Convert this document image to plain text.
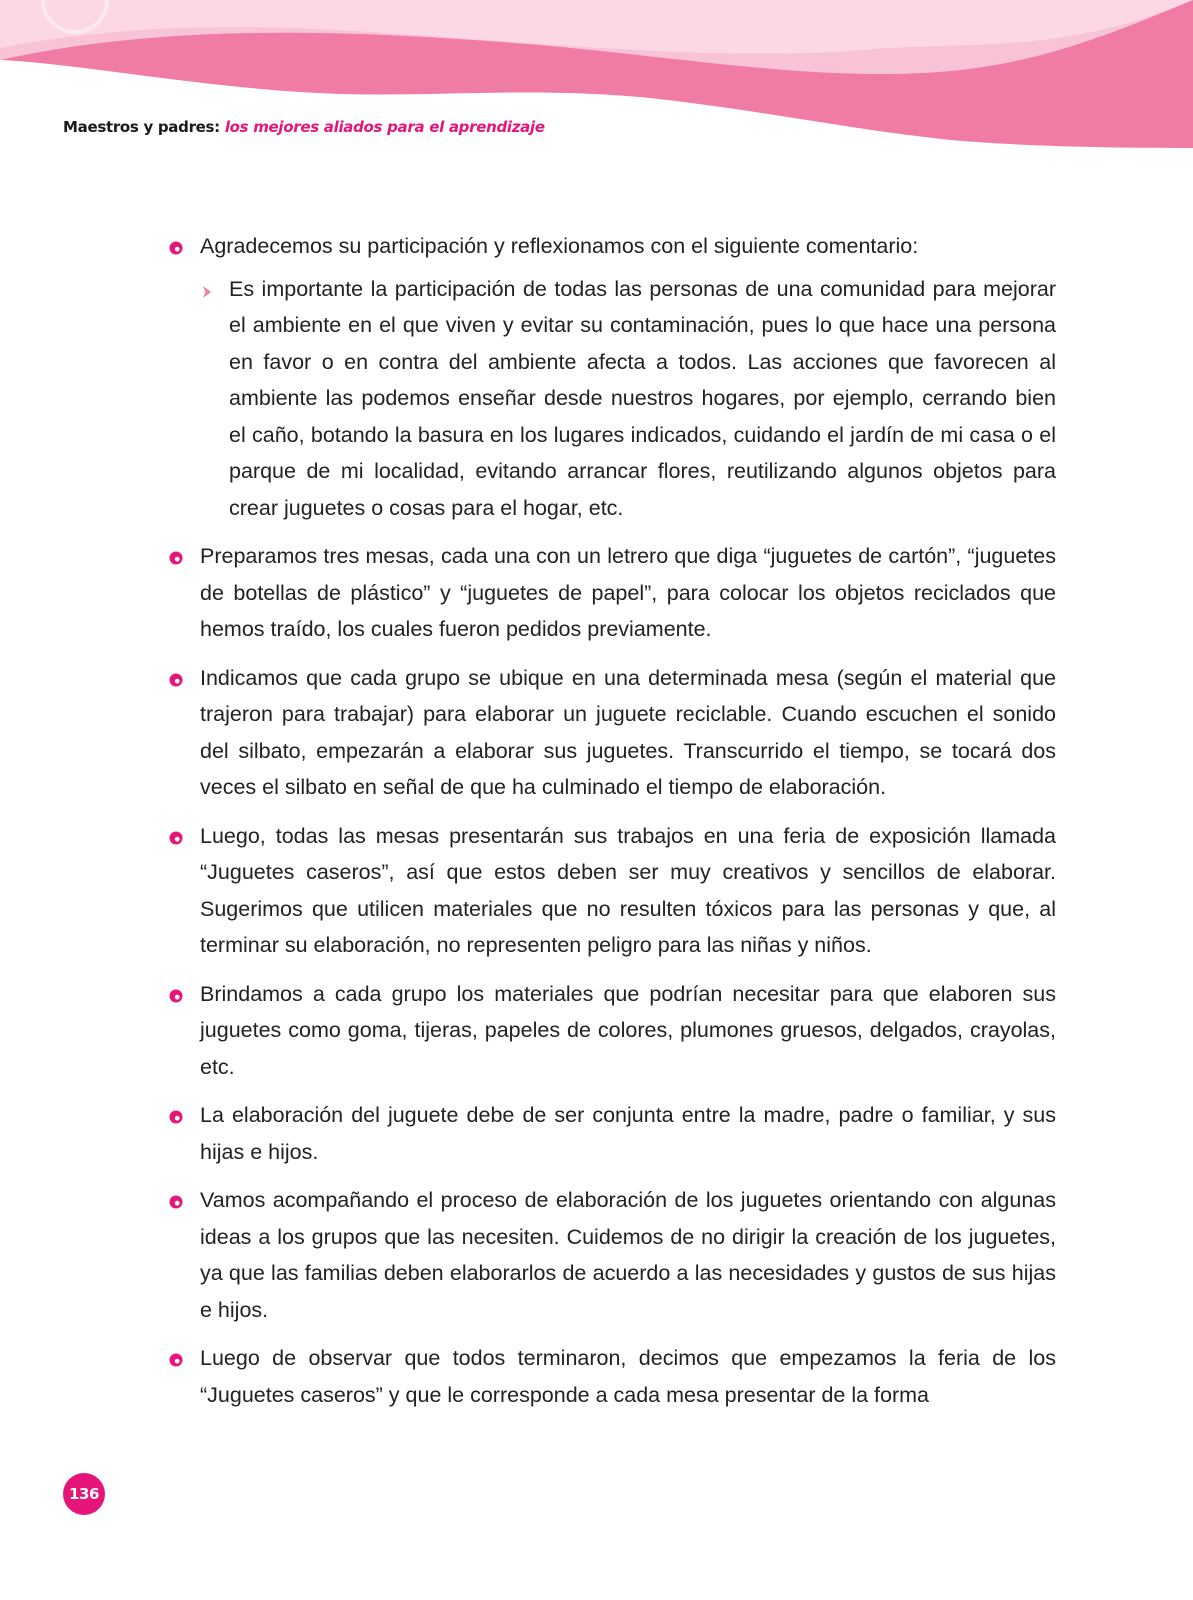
Maestros y padres: los mejores aliados para el aprendizaje

Agradecemos su participación y reflexionamos con el siguiente comentario:

Es importante la participación de todas las personas de una comunidad para mejorar el ambiente en el que viven y evitar su contaminación, pues lo que hace una persona en favor o en contra del ambiente afecta a todos. Las acciones que favorecen al ambiente las podemos enseñar desde nuestros hogares, por ejemplo, cerrando bien el caño, botando la basura en los lugares indicados, cuidando el jardín de mi casa o el parque de mi localidad, evitando arrancar flores, reutilizando algunos objetos para crear juguetes o cosas para el hogar, etc.

Preparamos tres mesas, cada una con un letrero que diga “juguetes de cartón”, “juguetes de botellas de plástico” y “juguetes de papel”, para colocar los objetos reciclados que hemos traído, los cuales fueron pedidos previamente.

Indicamos que cada grupo se ubique en una determinada mesa (según el material que trajeron para trabajar) para elaborar un juguete reciclable. Cuando escuchen el sonido del silbato, empezarán a elaborar sus juguetes. Transcurrido el tiempo, se tocará dos veces el silbato en señal de que ha culminado el tiempo de elaboración.

Luego, todas las mesas presentarán sus trabajos en una feria de exposición llamada “Juguetes caseros”, así que estos deben ser muy creativos y sencillos de elaborar. Sugerimos que utilicen materiales que no resulten tóxicos para las personas y que, al terminar su elaboración, no representen peligro para las niñas y niños.

Brindamos a cada grupo los materiales que podrían necesitar para que elaboren sus juguetes como goma, tijeras, papeles de colores, plumones gruesos, delgados, crayolas, etc.

La elaboración del juguete debe de ser conjunta entre la madre, padre o familiar, y sus hijas e hijos.

Vamos acompañando el proceso de elaboración de los juguetes orientando con algunas ideas a los grupos que las necesiten. Cuidemos de no dirigir la creación de los juguetes, ya que las familias deben elaborarlos de acuerdo a las necesidades y gustos de sus hijas e hijos.

Luego de observar que todos terminaron, decimos que empezamos la feria de los “Juguetes caseros” y que le corresponde a cada mesa presentar de la forma

136
